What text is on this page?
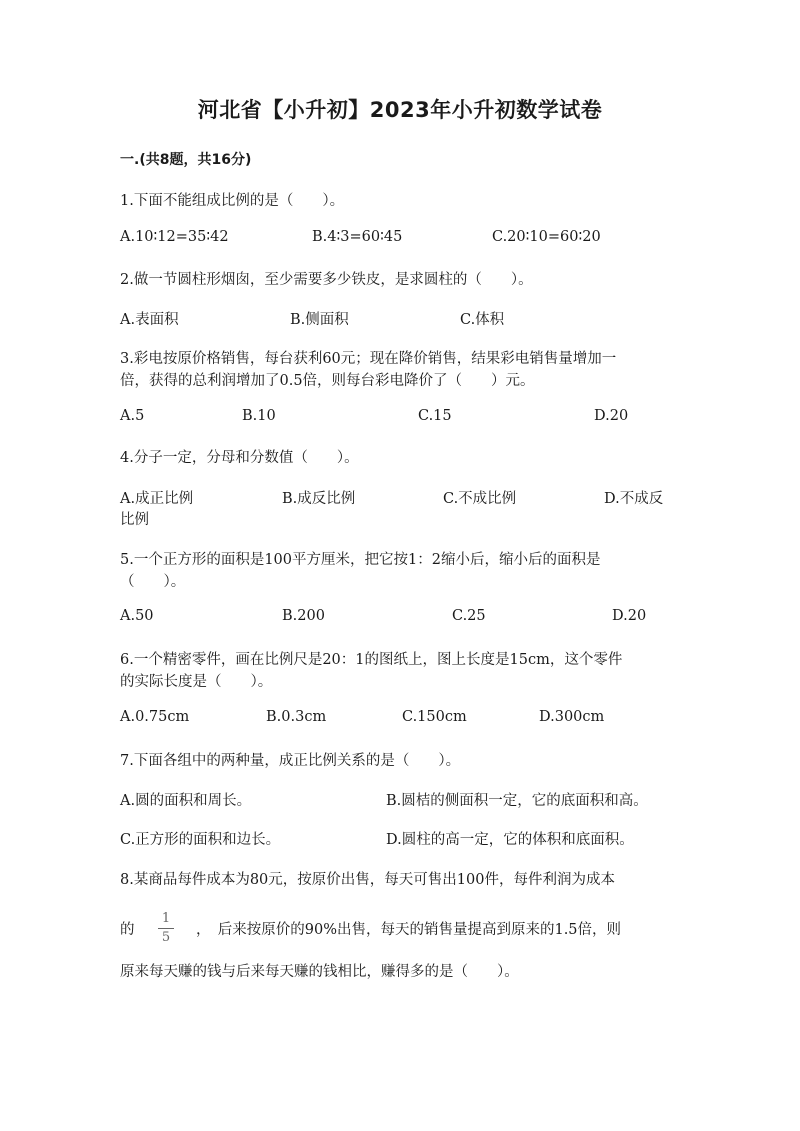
河北省【小升初】2023年小升初数学试卷
一.(共8题，共16分)
1.下面不能组成比例的是（　　）。
A.10∶12=35∶42	B.4∶3=60∶45	C.20∶10=60∶20
2.做一节圆柱形烟囱，至少需要多少铁皮，是求圆柱的（　　）。
A.表面积	B.侧面积	C.体积
3.彩电按原价格销售，每台获利60元；现在降价销售，结果彩电销售量增加一
倍，获得的总利润增加了0.5倍，则每台彩电降价了（　　）元。
A.5	B.10	C.15	D.20
4.分子一定，分母和分数值（　　）。
A.成正比例	B.成反比例	C.不成比例	D.不成反
比例
5.一个正方形的面积是100平方厘米，把它按1：2缩小后，缩小后的面积是
（　　）。
A.50	B.200	C.25	D.20
6.一个精密零件，画在比例尺是20：1的图纸上，图上长度是15cm，这个零件
的实际长度是（　　）。
A.0.75cm	B.0.3cm	C.150cm	D.300cm
7.下面各组中的两种量，成正比例关系的是（　　）。
A.圆的面积和周长。	B.圆桔的侧面积一定，它的底面积和高。
C.正方形的面积和边长。	D.圆柱的高一定，它的体积和底面积。
8.某商品每件成本为80元，按原价出售，每天可售出100件，每件利润为成本
的
1
5 ，　后来按原价的90%出售，每天的销售量提高到原来的1.5倍，则
原来每天赚的钱与后来每天赚的钱相比，赚得多的是（　　）。
